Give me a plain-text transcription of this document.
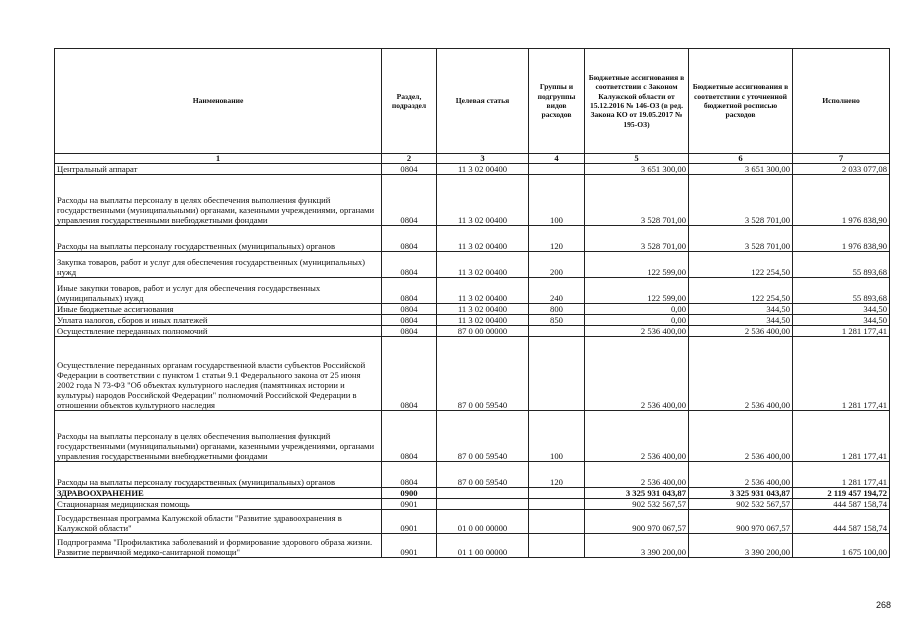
Наименование	Раздел, подраздел	Целевая статья	Группы и подгруппы видов расходов	Бюджетные ассигнования в соответствии с Законом Калужской области от 15.12.2016 № 146-ОЗ (в ред. Закона КО от 19.05.2017 № 195-ОЗ)	Бюджетные ассигнования в соответствии с уточненной бюджетной росписью расходов	Исполнено
1	2	3	4	5	6	7
Центральный аппарат	0804	11 3 02 00400		3 651 300,00	3 651 300,00	2 033 077,08
Расходы на выплаты персоналу в целях обеспечения выполнения функций государственными (муниципальными) органами, казенными учреждениями, органами управления государственными внебюджетными фондами	0804	11 3 02 00400	100	3 528 701,00	3 528 701,00	1 976 838,90
Расходы на выплаты персоналу государственных (муниципальных) органов	0804	11 3 02 00400	120	3 528 701,00	3 528 701,00	1 976 838,90
Закупка товаров, работ и услуг для обеспечения государственных (муниципальных) нужд	0804	11 3 02 00400	200	122 599,00	122 254,50	55 893,68
Иные закупки товаров, работ и услуг для обеспечения государственных (муниципальных) нужд	0804	11 3 02 00400	240	122 599,00	122 254,50	55 893,68
Иные бюджетные ассигнования	0804	11 3 02 00400	800	0,00	344,50	344,50
Уплата налогов, сборов и иных платежей	0804	11 3 02 00400	850	0,00	344,50	344,50
Осуществление переданных полномочий	0804	87 0 00 00000		2 536 400,00	2 536 400,00	1 281 177,41
Осуществление переданных органам государственной власти субъектов Российской Федерации в соответствии с пунктом 1 статьи 9.1 Федерального закона от 25 июня 2002 года N 73-ФЗ "Об объектах культурного наследия (памятниках истории и культуры) народов Российской Федерации" полномочий Российской Федерации в отношении объектов культурного наследия	0804	87 0 00 59540		2 536 400,00	2 536 400,00	1 281 177,41
Расходы на выплаты персоналу в целях обеспечения выполнения функций государственными (муниципальными) органами, казенными учреждениями, органами управления государственными внебюджетными фондами	0804	87 0 00 59540	100	2 536 400,00	2 536 400,00	1 281 177,41
Расходы на выплаты персоналу государственных (муниципальных) органов	0804	87 0 00 59540	120	2 536 400,00	2 536 400,00	1 281 177,41
ЗДРАВООХРАНЕНИЕ	0900			3 325 931 043,87	3 325 931 043,87	2 119 457 194,72
Стационарная медицинская помощь	0901			902 532 567,57	902 532 567,57	444 587 158,74
Государственная программа Калужской области "Развитие здравоохранения в Калужской области"	0901	01 0 00 00000		900 970 067,57	900 970 067,57	444 587 158,74
Подпрограмма "Профилактика заболеваний и формирование здорового образа жизни. Развитие первичной медико-санитарной помощи"	0901	01 1 00 00000		3 390 200,00	3 390 200,00	1 675 100,00
268
